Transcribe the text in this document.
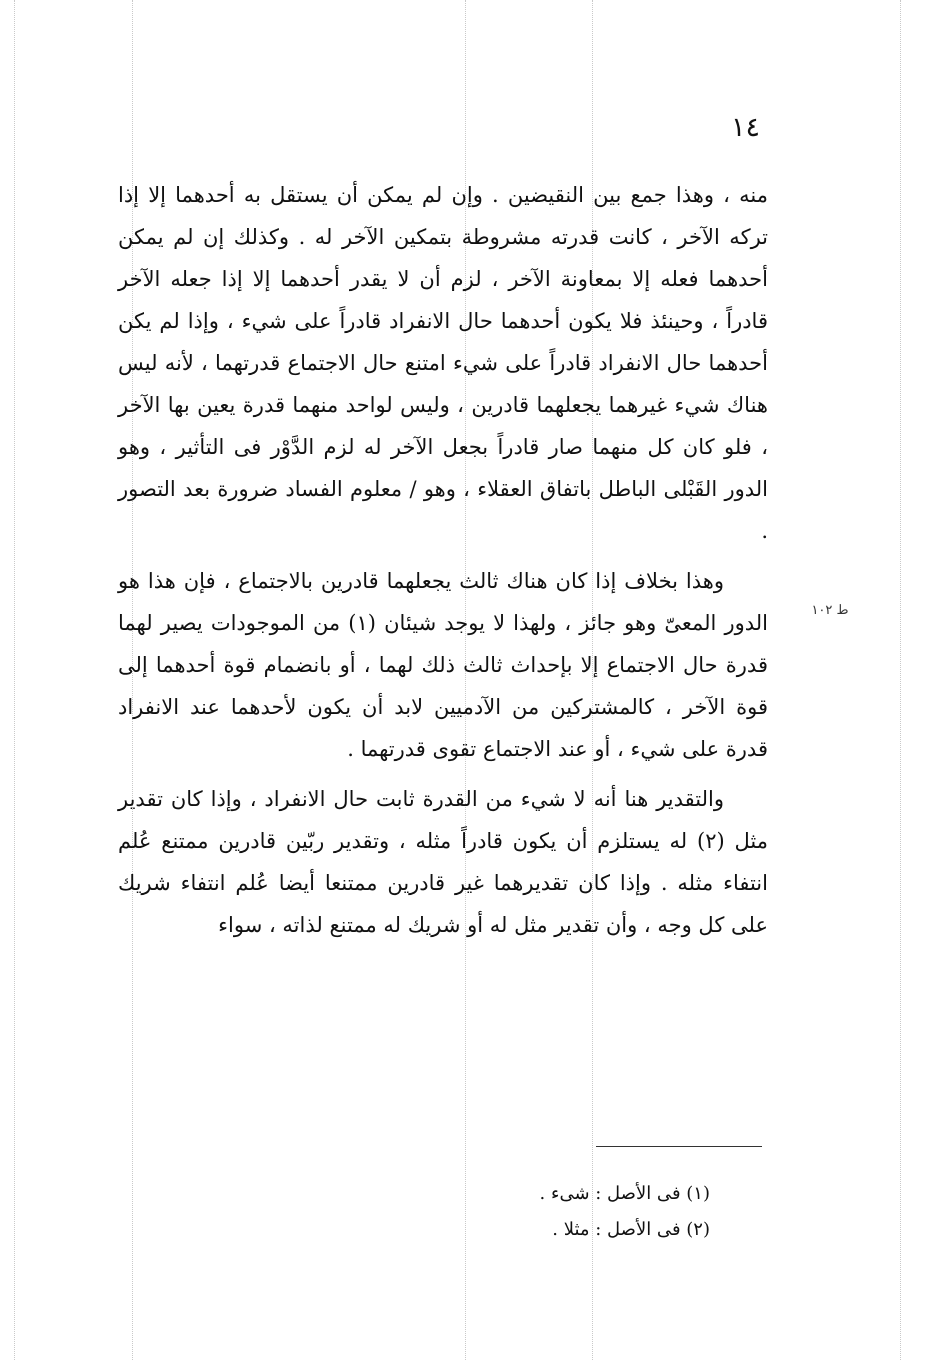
١٤
ط ١٠٢

منه ، وهذا جمع بين النقيضين . وإن لم يمكن أن يستقل به أحدهما إلا إذا تركه الآخر ، كانت قدرته مشروطة بتمكين الآخر له . وكذلك إن لم يمكن أحدهما فعله إلا بمعاونة الآخر ، لزم أن لا يقدر أحدهما إلا إذا جعله الآخر قادراً ، وحينئذ فلا يكون أحدهما حال الانفراد قادراً على شيء ، وإذا لم يكن أحدهما حال الانفراد قادراً على شيء امتنع حال الاجتماع قدرتهما ، لأنه ليس هناك شيء غيرهما يجعلهما قادرين ، وليس لواحد منهما قدرة يعين بها الآخر ، فلو كان كل منهما صار قادراً بجعل الآخر له لزم الدَّوْر فى التأثير ، وهو الدور القَبْلى الباطل باتفاق العقلاء ، وهو / معلوم الفساد ضرورة بعد التصور .

وهذا بخلاف إذا كان هناك ثالث يجعلهما قادرين بالاجتماع ، فإن هذا هو الدور المعىّ وهو جائز ، ولهذا لا يوجد شيئان (١) من الموجودات يصير لهما قدرة حال الاجتماع إلا بإحداث ثالث ذلك لهما ، أو بانضمام قوة أحدهما إلى قوة الآخر ، كالمشتركين من الآدميين لابد أن يكون لأحدهما عند الانفراد قدرة على شيء ، أو عند الاجتماع تقوى قدرتهما .

والتقدير هنا أنه لا شيء من القدرة ثابت حال الانفراد ، وإذا كان تقدير مثل (٢) له يستلزم أن يكون قادراً مثله ، وتقدير ربّين قادرين ممتنع عُلم انتفاء مثله . وإذا كان تقديرهما غير قادرين ممتنعا أيضا عُلم انتفاء شريك على كل وجه ، وأن تقدير مثل له أو شريك له ممتنع لذاته ، سواء

(١) فى الأصل : شىء .
(٢) فى الأصل : مثلا .
